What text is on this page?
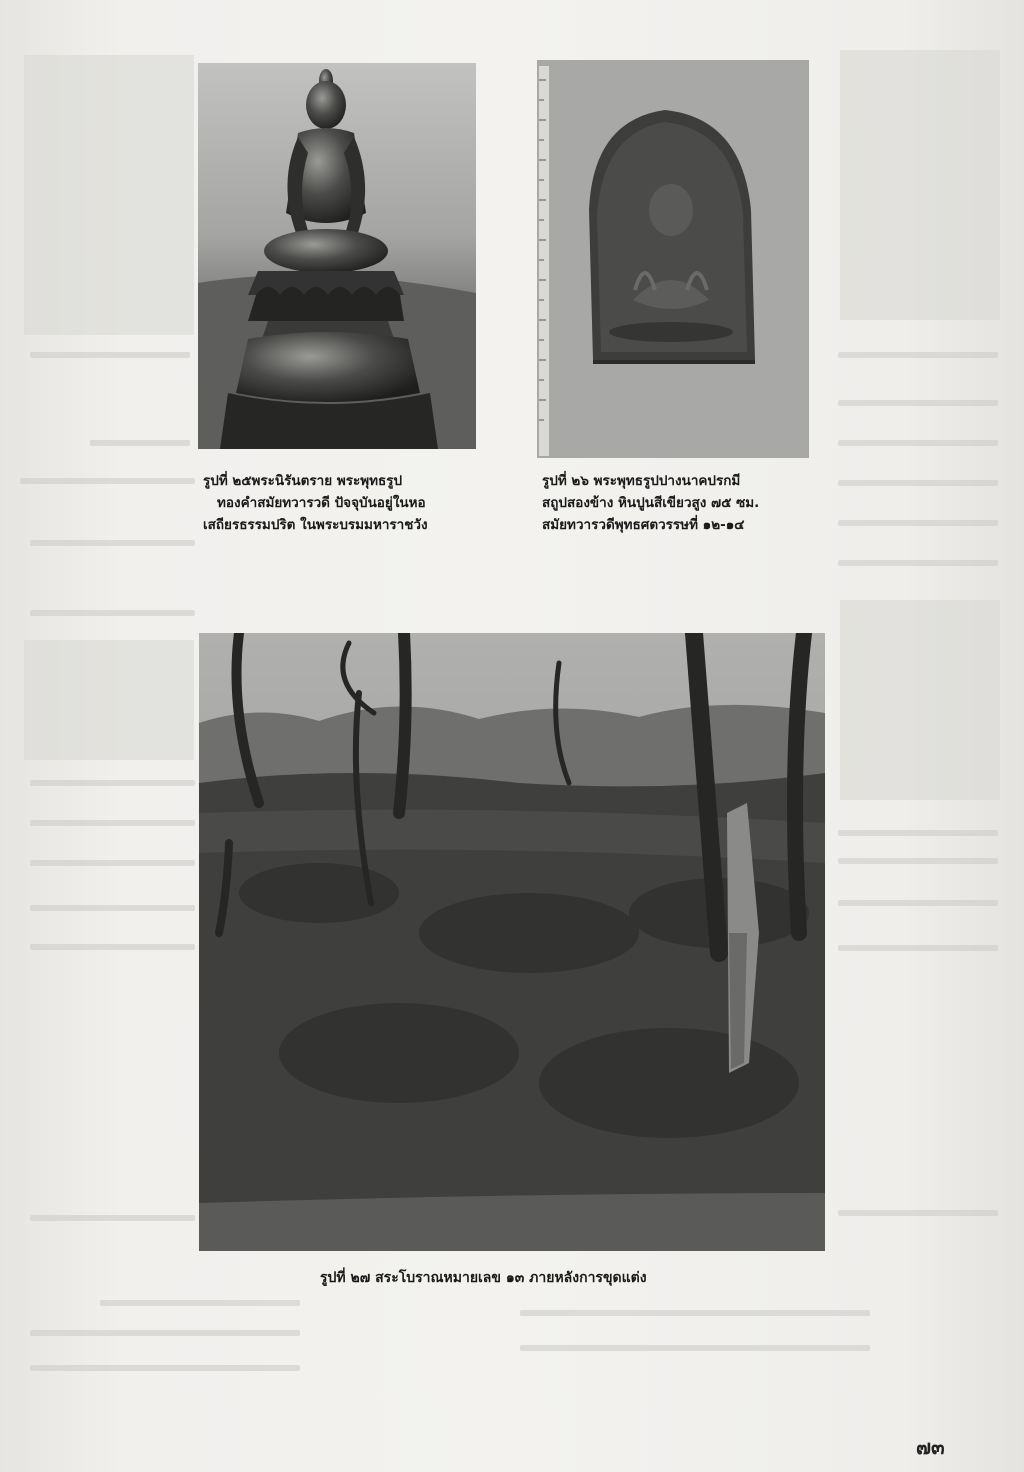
รูปที่ ๒๕พระนิรันตราย พระพุทธรูป
ทองคำสมัยทวารวดี ปัจจุบันอยู่ในหอ
เสถียรธรรมปริต ในพระบรมมหาราชวัง
รูปที่ ๒๖ พระพุทธรูปปางนาคปรกมี
สถูปสองข้าง หินปูนสีเขียวสูง ๗๕ ซม.
สมัยทวารวดีพุทธศตวรรษที่ ๑๒-๑๔
รูปที่ ๒๗ สระโบราณหมายเลข ๑๓ ภายหลังการขุดแต่ง
๗๓
